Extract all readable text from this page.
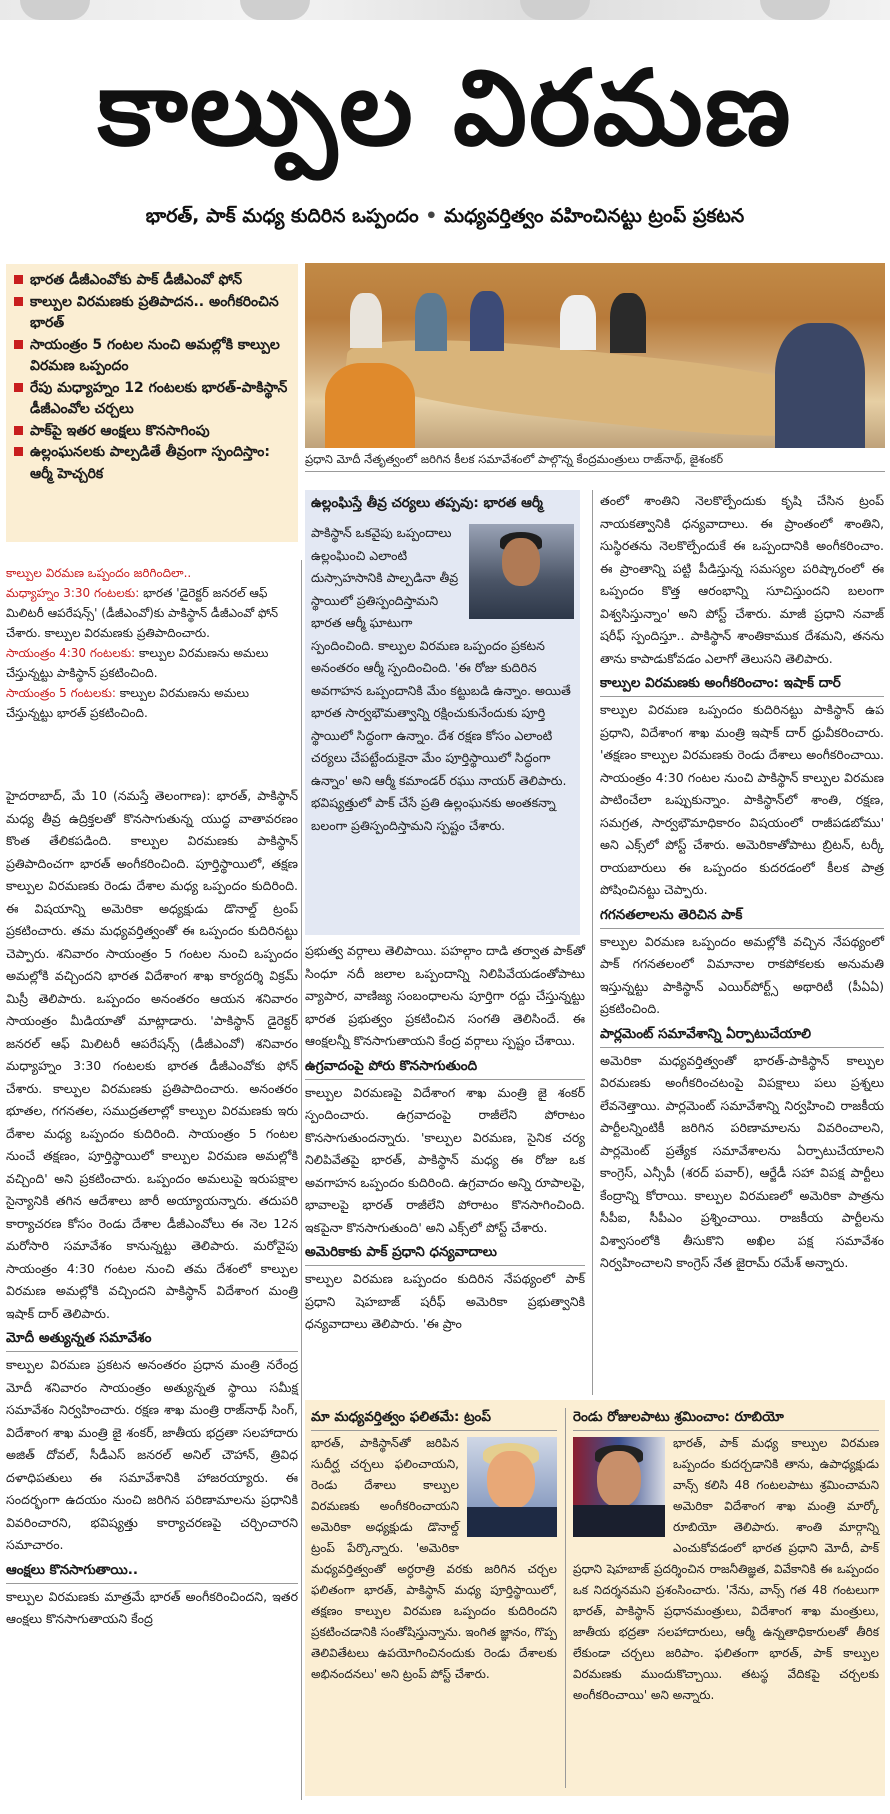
కాల్పుల విరమణ
భారత్, పాక్ మధ్య కుదిరిన ఒప్పందం • మధ్యవర్తిత్వం వహించినట్టు ట్రంప్ ప్రకటన
భారత డీజీఎంవోకు పాక్ డీజీఎంవో ఫోన్
కాల్పుల విరమణకు ప్రతిపాదన.. అంగీకరించిన భారత్
సాయంత్రం 5 గంటల నుంచి అమల్లోకి కాల్పుల విరమణ ఒప్పందం
రేపు మధ్యాహ్నం 12 గంటలకు భారత్-పాకిస్థాన్ డీజీఎంవోల చర్చలు
పాక్‌పై ఇతర ఆంక్షలు కొనసాగింపు
ఉల్లంఘనలకు పాల్పడితే తీవ్రంగా స్పందిస్తాం: ఆర్మీ హెచ్చరిక
ప్రధాని మోదీ నేతృత్వంలో జరిగిన కీలక సమావేశంలో పాల్గొన్న కేంద్రమంత్రులు రాజ్‌నాథ్, జైశంకర్
కాల్పుల విరమణ ఒప్పందం జరిగిందిలా..
మధ్యాహ్నం 3:30 గంటలకు: భారత 'డైరెక్టర్ జనరల్ ఆఫ్ మిలిటరీ ఆపరేషన్స్' (డీజీఎంవో)కు పాకిస్థాన్ డీజీఎంవో ఫోన్ చేశారు. కాల్పుల విరమణకు ప్రతిపాదించారు.
సాయంత్రం 4:30 గంటలకు: కాల్పుల విరమణను అమలు చేస్తున్నట్టు పాకిస్థాన్ ప్రకటించింది.
సాయంత్రం 5 గంటలకు: కాల్పుల విరమణను అమలు చేస్తున్నట్టు భారత్ ప్రకటించింది.
హైదరాబాద్, మే 10 (నమస్తే తెలంగాణ): భారత్, పాకిస్థాన్ మధ్య తీవ్ర ఉద్రిక్తలతో కొనసాగుతున్న యుద్ధ వాతావరణం కొంత తేలికపడింది. కాల్పుల విరమణకు పాకిస్థాన్ ప్రతిపాదించగా భారత్ అంగీకరించింది. పూర్తిస్థాయిలో, తక్షణ కాల్పుల విరమణకు రెండు దేశాల మధ్య ఒప్పందం కుదిరింది. ఈ విషయాన్ని అమెరికా అధ్యక్షుడు డొనాల్డ్ ట్రంప్ ప్రకటించారు. తమ మధ్యవర్తిత్వంతో ఈ ఒప్పందం కుదిరినట్టు చెప్పారు. శనివారం సాయంత్రం 5 గంటల నుంచి ఒప్పందం అమల్లోకి వచ్చిందని భారత విదేశాంగ శాఖ కార్యదర్శి విక్రమ్ మిస్రీ తెలిపారు. ఒప్పందం అనంతరం ఆయన శనివారం సాయంత్రం మీడియాతో మాట్లాడారు. 'పాకిస్థాన్ డైరెక్టర్ జనరల్ ఆఫ్ మిలిటరీ ఆపరేషన్స్ (డీజీఎంవో) శనివారం మధ్యాహ్నం 3:30 గంటలకు భారత డీజీఎంవోకు ఫోన్ చేశారు. కాల్పుల విరమణకు ప్రతిపాదించారు. అనంతరం భూతల, గగనతల, సముద్రతలాల్లో కాల్పుల విరమణకు ఇరు దేశాల మధ్య ఒప్పందం కుదిరింది. సాయంత్రం 5 గంటల నుంచే తక్షణం, పూర్తిస్థాయిలో కాల్పుల విరమణ అమల్లోకి వచ్చింది' అని ప్రకటించారు. ఒప్పందం అమలుపై ఇరుపక్షాల సైన్యానికి తగిన ఆదేశాలు జారీ అయ్యాయన్నారు. తదుపరి కార్యాచరణ కోసం రెండు దేశాల డీజీఎంవోలు ఈ నెల 12న మరోసారి సమావేశం కానున్నట్టు తెలిపారు. మరోవైపు సాయంత్రం 4:30 గంటల నుంచి తమ దేశంలో కాల్పుల విరమణ అమల్లోకి వచ్చిందని పాకిస్థాన్ విదేశాంగ మంత్రి ఇషాక్ దార్ తెలిపారు.
మోదీ అత్యున్నత సమావేశం
కాల్పుల విరమణ ప్రకటన అనంతరం ప్రధాన మంత్రి నరేంద్ర మోదీ శనివారం సాయంత్రం అత్యున్నత స్థాయి సమీక్ష సమావేశం నిర్వహించారు. రక్షణ శాఖ మంత్రి రాజ్‌నాథ్ సింగ్, విదేశాంగ శాఖ మంత్రి జై శంకర్, జాతీయ భద్రతా సలహాదారు అజిత్ దోవల్, సీడీఎస్ జనరల్ అనిల్ చౌహాన్, త్రివిధ దళాధిపతులు ఈ సమావేశానికి హాజరయ్యారు. ఈ సందర్భంగా ఉదయం నుంచి జరిగిన పరిణామాలను ప్రధానికి వివరించారని, భవిష్యత్తు కార్యాచరణపై చర్చించారని సమాచారం.
ఆంక్షలు కొనసాగుతాయి..
కాల్పుల విరమణకు మాత్రమే భారత్ అంగీకరించిందని, ఇతర ఆంక్షలు కొనసాగుతాయని కేంద్ర
ఉల్లంఘిస్తే తీవ్ర చర్యలు తప్పవు: భారత ఆర్మీ
పాకిస్థాన్ ఒకవైపు ఒప్పందాలు ఉల్లంఘించి ఎలాంటి దుస్సాహసానికి పాల్పడినా తీవ్ర స్థాయిలో ప్రతిస్పందిస్తామని భారత ఆర్మీ ఘాటుగా స్పందించింది. కాల్పుల విరమణ ఒప్పందం ప్రకటన అనంతరం ఆర్మీ స్పందించింది. 'ఈ రోజు కుదిరిన అవగాహన ఒప్పందానికి మేం కట్టుబడి ఉన్నాం. అయితే భారత సార్వభౌమత్వాన్ని రక్షించుకునేందుకు పూర్తి స్థాయిలో సిద్ధంగా ఉన్నాం. దేశ రక్షణ కోసం ఎలాంటి చర్యలు చేపట్టేందుకైనా మేం పూర్తిస్థాయిలో సిద్ధంగా ఉన్నాం' అని ఆర్మీ కమాండర్ రఘు నాయర్ తెలిపారు. భవిష్యత్తులో పాక్ చేసే ప్రతి ఉల్లంఘనకు అంతకన్నా బలంగా ప్రతిస్పందిస్తామని స్పష్టం చేశారు.
ప్రభుత్వ వర్గాలు తెలిపాయి. పహల్గాం దాడి తర్వాత పాక్‌తో సింధూ నదీ జలాల ఒప్పందాన్ని నిలిపివేయడంతోపాటు వ్యాపార, వాణిజ్య సంబంధాలను పూర్తిగా రద్దు చేస్తున్నట్టు భారత ప్రభుత్వం ప్రకటించిన సంగతి తెలిసిందే. ఈ ఆంక్షలన్నీ కొనసాగుతాయని కేంద్ర వర్గాలు స్పష్టం చేశాయి.
ఉగ్రవాదంపై పోరు కొనసాగుతుంది
కాల్పుల విరమణపై విదేశాంగ శాఖ మంత్రి జై శంకర్ స్పందించారు. ఉగ్రవాదంపై రాజీలేని పోరాటం కొనసాగుతుందన్నారు. 'కాల్పుల విరమణ, సైనిక చర్య నిలిపివేతపై భారత్, పాకిస్థాన్ మధ్య ఈ రోజు ఒక అవగాహన ఒప్పందం కుదిరింది. ఉగ్రవాదం అన్ని రూపాలపై, భావాలపై భారత్ రాజీలేని పోరాటం కొనసాగించింది. ఇకపైనా కొనసాగుతుంది' అని ఎక్స్‌లో పోస్ట్ చేశారు.
అమెరికాకు పాక్ ప్రధాని ధన్యవాదాలు
కాల్పుల విరమణ ఒప్పందం కుదిరిన నేపథ్యంలో పాక్ ప్రధాని షెహబాజ్ షరీఫ్ అమెరికా ప్రభుత్వానికి ధన్యవాదాలు తెలిపారు. 'ఈ ప్రాం
తంలో శాంతిని నెలకొల్పేందుకు కృషి చేసిన ట్రంప్ నాయకత్వానికి ధన్యవాదాలు. ఈ ప్రాంతంలో శాంతిని, సుస్థిరతను నెలకొల్పేందుకే ఈ ఒప్పందానికి అంగీకరించాం. ఈ ప్రాంతాన్ని పట్టి పీడిస్తున్న సమస్యల పరిష్కారంలో ఈ ఒప్పందం కొత్త ఆరంభాన్ని సూచిస్తుందని బలంగా విశ్వసిస్తున్నాం' అని పోస్ట్ చేశారు. మాజీ ప్రధాని నవాజ్ షరీఫ్ స్పందిస్తూ.. పాకిస్థాన్ శాంతికాముక దేశమని, తనను తాను కాపాడుకోవడం ఎలాగో తెలుసని తెలిపారు.
కాల్పుల విరమణకు అంగీకరించాం: ఇషాక్ దార్
కాల్పుల విరమణ ఒప్పందం కుదిరినట్టు పాకిస్థాన్ ఉప ప్రధాని, విదేశాంగ శాఖ మంత్రి ఇషాక్ దార్ ధ్రువీకరించారు. 'తక్షణం కాల్పుల విరమణకు రెండు దేశాలు అంగీకరించాయి. సాయంత్రం 4:30 గంటల నుంచి పాకిస్థాన్ కాల్పుల విరమణ పాటించేలా ఒప్పుకున్నాం. పాకిస్థాన్‌లో శాంతి, రక్షణ, సమగ్రత, సార్వభౌమాధికారం విషయంలో రాజీపడబోము' అని ఎక్స్‌లో పోస్ట్ చేశారు. అమెరికాతోపాటు బ్రిటన్, టర్కీ రాయబారులు ఈ ఒప్పందం కుదరడంలో కీలక పాత్ర పోషించినట్టు చెప్పారు.
గగనతలాలను తెరిచిన పాక్
కాల్పుల విరమణ ఒప్పందం అమల్లోకి వచ్చిన నేపథ్యంలో పాక్ గగనతలంలో విమానాల రాకపోకలకు అనుమతి ఇస్తున్నట్టు పాకిస్థాన్ ఎయిర్‌పోర్ట్స్ అథారిటీ (పీఏఏ) ప్రకటించింది.
పార్లమెంట్ సమావేశాన్ని ఏర్పాటుచేయాలి
అమెరికా మధ్యవర్తిత్వంతో భారత్-పాకిస్థాన్ కాల్పుల విరమణకు అంగీకరించటంపై విపక్షాలు పలు ప్రశ్నలు లేవనెత్తాయి. పార్లమెంట్ సమావేశాన్ని నిర్వహించి రాజకీయ పార్టీలన్నింటికీ జరిగిన పరిణామాలను వివరించాలని, పార్లమెంట్ ప్రత్యేక సమావేశాలను ఏర్పాటుచేయాలని కాంగ్రెస్, ఎన్సీపీ (శరద్ పవార్), ఆర్జేడీ సహా విపక్ష పార్టీలు కేంద్రాన్ని కోరాయి. కాల్పుల విరమణలో అమెరికా పాత్రను సీపీఐ, సీపీఎం ప్రశ్నించాయి. రాజకీయ పార్టీలను విశ్వాసంలోకి తీసుకొని అఖిల పక్ష సమావేశం నిర్వహించాలని కాంగ్రెస్ నేత జైరామ్ రమేశ్ అన్నారు.
మా మధ్యవర్తిత్వం ఫలితమే: ట్రంప్
భారత్, పాకిస్థాన్‌తో జరిపిన సుదీర్ఘ చర్చలు ఫలించాయని, రెండు దేశాలు కాల్పుల విరమణకు అంగీకరించాయని అమెరికా అధ్యక్షుడు డొనాల్డ్ ట్రంప్ పేర్కొన్నారు. 'అమెరికా మధ్యవర్తిత్వంతో అర్ధరాత్రి వరకు జరిగిన చర్చల ఫలితంగా భారత్, పాకిస్థాన్ మధ్య పూర్తిస్థాయిలో, తక్షణం కాల్పుల విరమణ ఒప్పందం కుదిరిందని ప్రకటించడానికి సంతోషిస్తున్నాను. ఇంగిత జ్ఞానం, గొప్ప తెలివితేటలు ఉపయోగించినందుకు రెండు దేశాలకు అభినందనలు' అని ట్రంప్ పోస్ట్ చేశారు.
రెండు రోజులపాటు శ్రమించాం: రూబియో
భారత్, పాక్ మధ్య కాల్పుల విరమణ ఒప్పందం కుదర్చడానికి తాను, ఉపాధ్యక్షుడు వాన్స్ కలిసి 48 గంటలపాటు శ్రమించామని అమెరికా విదేశాంగ శాఖ మంత్రి మార్కో రూబియో తెలిపారు. శాంతి మార్గాన్ని ఎంచుకోవడంలో భారత ప్రధాని మోదీ, పాక్ ప్రధాని షెహబాజ్ ప్రదర్శించిన రాజనీతిజ్ఞత, వివేకానికి ఈ ఒప్పందం ఒక నిదర్శనమని ప్రశంసించారు. 'నేను, వాన్స్ గత 48 గంటలుగా భారత్, పాకిస్థాన్ ప్రధానమంత్రులు, విదేశాంగ శాఖ మంత్రులు, జాతీయ భద్రతా సలహాదారులు, ఆర్మీ ఉన్నతాధికారులతో తీరిక లేకుండా చర్చలు జరిపాం. ఫలితంగా భారత్, పాక్ కాల్పుల విరమణకు ముందుకొచ్చాయి. తటస్థ వేదికపై చర్చలకు అంగీకరించాయి' అని అన్నారు.
